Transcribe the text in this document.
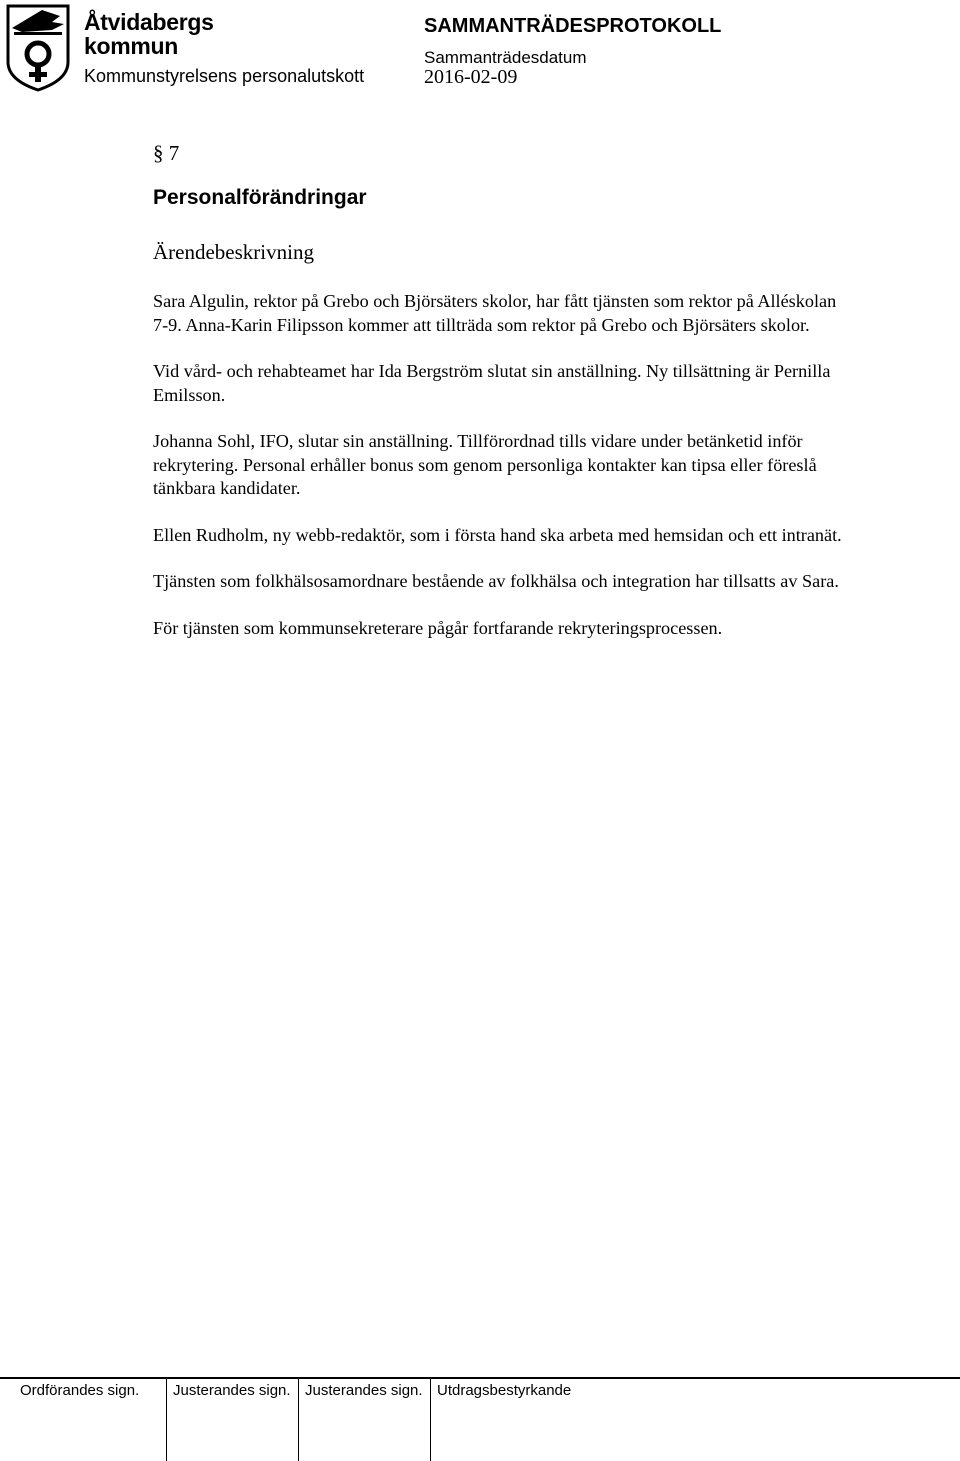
Åtvidabergs
kommun
Kommunstyrelsens personalutskott
SAMMANTRÄDESPROTOKOLL
Sammanträdesdatum
2016-02-09
§ 7
Personalförändringar
Ärendebeskrivning

Sara Algulin, rektor på Grebo och Björsäters skolor, har fått tjänsten som rektor på Alléskolan 7-9. Anna-Karin Filipsson kommer att tillträda som rektor på Grebo och Björsäters skolor.

Vid vård- och rehabteamet har Ida Bergström slutat sin anställning. Ny tillsättning är Pernilla Emilsson.

Johanna Sohl, IFO, slutar sin anställning. Tillförordnad tills vidare under betänketid inför rekrytering. Personal erhåller bonus som genom personliga kontakter kan tipsa eller föreslå tänkbara kandidater.

Ellen Rudholm, ny webb-redaktör, som i första hand ska arbeta med hemsidan och ett intranät.

Tjänsten som folkhälsosamordnare bestående av folkhälsa och integration har tillsatts av Sara.

För tjänsten som kommunsekreterare pågår fortfarande rekryteringsprocessen.

Ordförandes sign.	Justerandes sign. Justerandes sign. Utdragsbestyrkande
